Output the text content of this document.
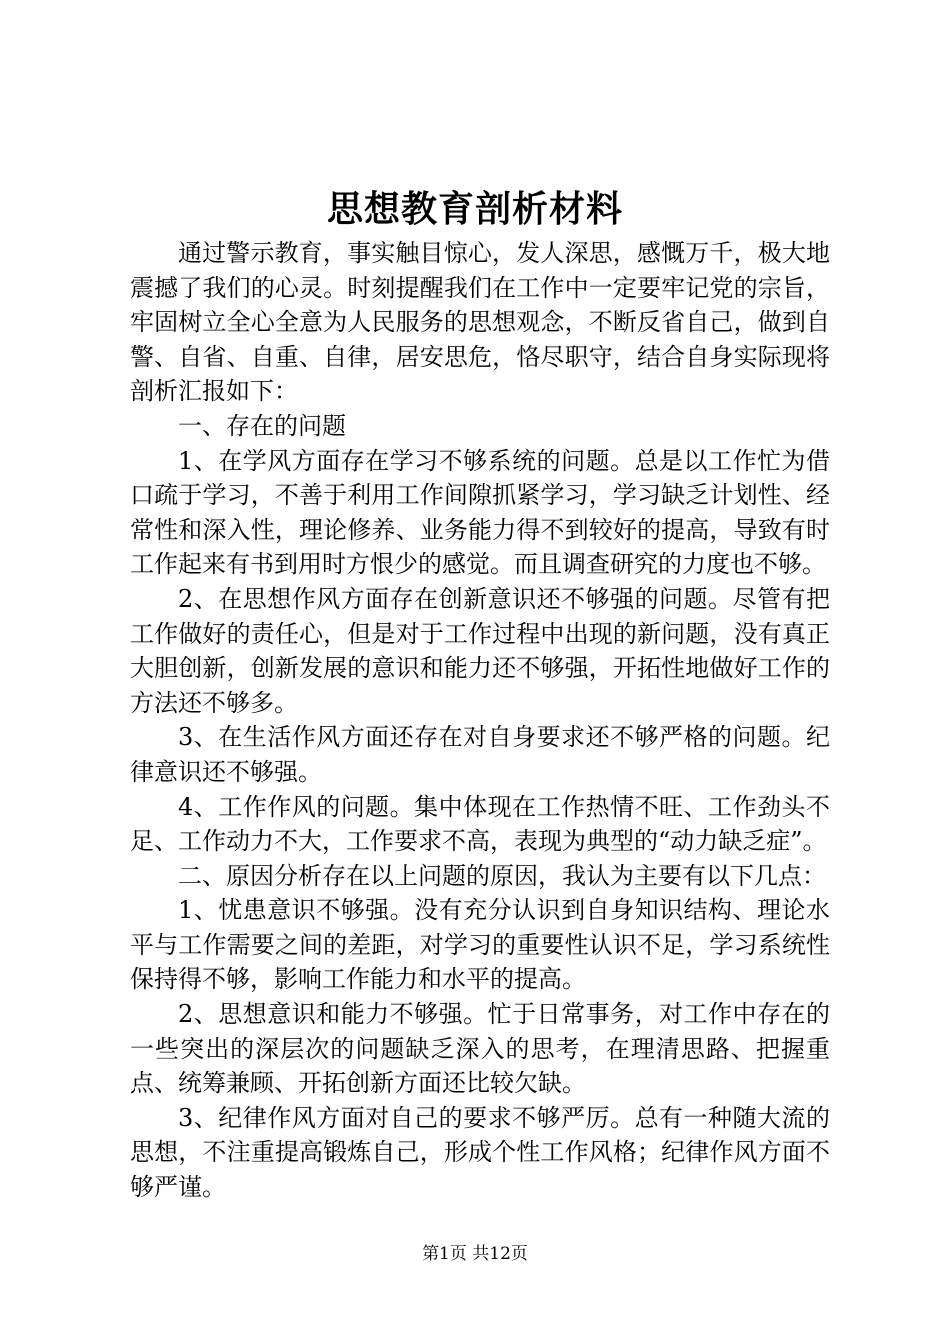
思想教育剖析材料

通过警示教育，事实触目惊心，发人深思，感慨万千，极大地震撼了我们的心灵。时刻提醒我们在工作中一定要牢记党的宗旨，牢固树立全心全意为人民服务的思想观念，不断反省自己，做到自警、自省、自重、自律，居安思危，恪尽职守，结合自身实际现将剖析汇报如下：

一、存在的问题

1、在学风方面存在学习不够系统的问题。总是以工作忙为借口疏于学习，不善于利用工作间隙抓紧学习，学习缺乏计划性、经常性和深入性，理论修养、业务能力得不到较好的提高，导致有时工作起来有书到用时方恨少的感觉。而且调查研究的力度也不够。

2、在思想作风方面存在创新意识还不够强的问题。尽管有把工作做好的责任心，但是对于工作过程中出现的新问题，没有真正大胆创新，创新发展的意识和能力还不够强，开拓性地做好工作的方法还不够多。

3、在生活作风方面还存在对自身要求还不够严格的问题。纪律意识还不够强。

4、工作作风的问题。集中体现在工作热情不旺、工作劲头不足、工作动力不大，工作要求不高，表现为典型的“动力缺乏症”。

二、原因分析存在以上问题的原因，我认为主要有以下几点：

1、忧患意识不够强。没有充分认识到自身知识结构、理论水平与工作需要之间的差距，对学习的重要性认识不足，学习系统性保持得不够，影响工作能力和水平的提高。

2、思想意识和能力不够强。忙于日常事务，对工作中存在的一些突出的深层次的问题缺乏深入的思考，在理清思路、把握重点、统筹兼顾、开拓创新方面还比较欠缺。

3、纪律作风方面对自己的要求不够严厉。总有一种随大流的思想，不注重提高锻炼自己，形成个性工作风格；纪律作风方面不够严谨。

第1页 共12页
